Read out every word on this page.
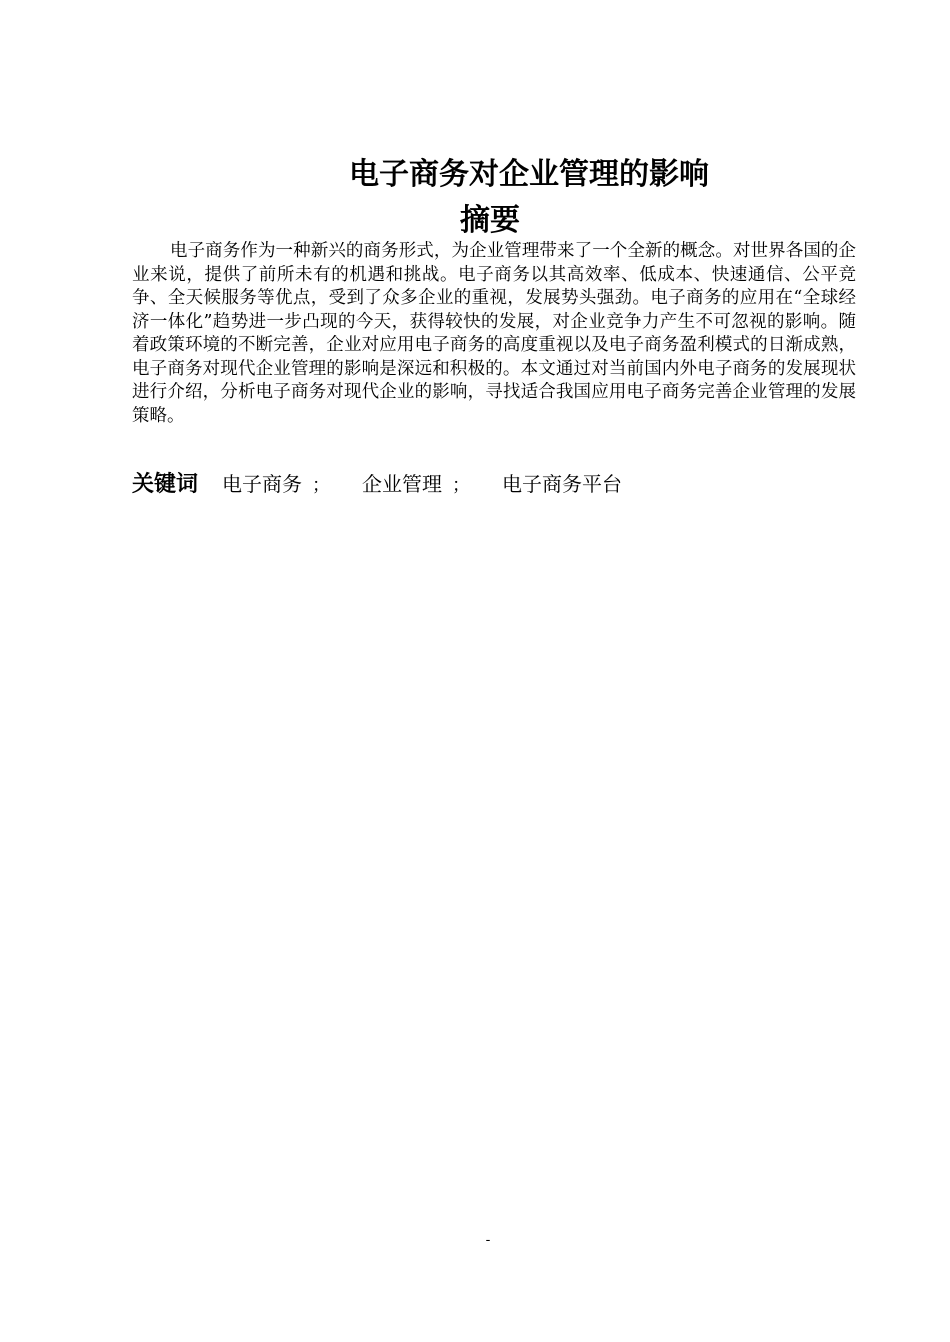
电子商务对企业管理的影响
摘要

电子商务作为一种新兴的商务形式，为企业管理带来了一个全新的概念。对世界各国的企业来说，提供了前所未有的机遇和挑战。电子商务以其高效率、低成本、快速通信、公平竞争、全天候服务等优点，受到了众多企业的重视，发展势头强劲。电子商务的应用在“全球经济一体化”趋势进一步凸现的今天，获得较快的发展，对企业竞争力产生不可忽视的影响。随着政策环境的不断完善，企业对应用电子商务的高度重视以及电子商务盈利模式的日渐成熟，电子商务对现代企业管理的影响是深远和积极的。本文通过对当前国内外电子商务的发展现状进行介绍，分析电子商务对现代企业的影响，寻找适合我国应用电子商务完善企业管理的发展策略。

关键词 电子商务 ； 企业管理 ； 电子商务平台
-
